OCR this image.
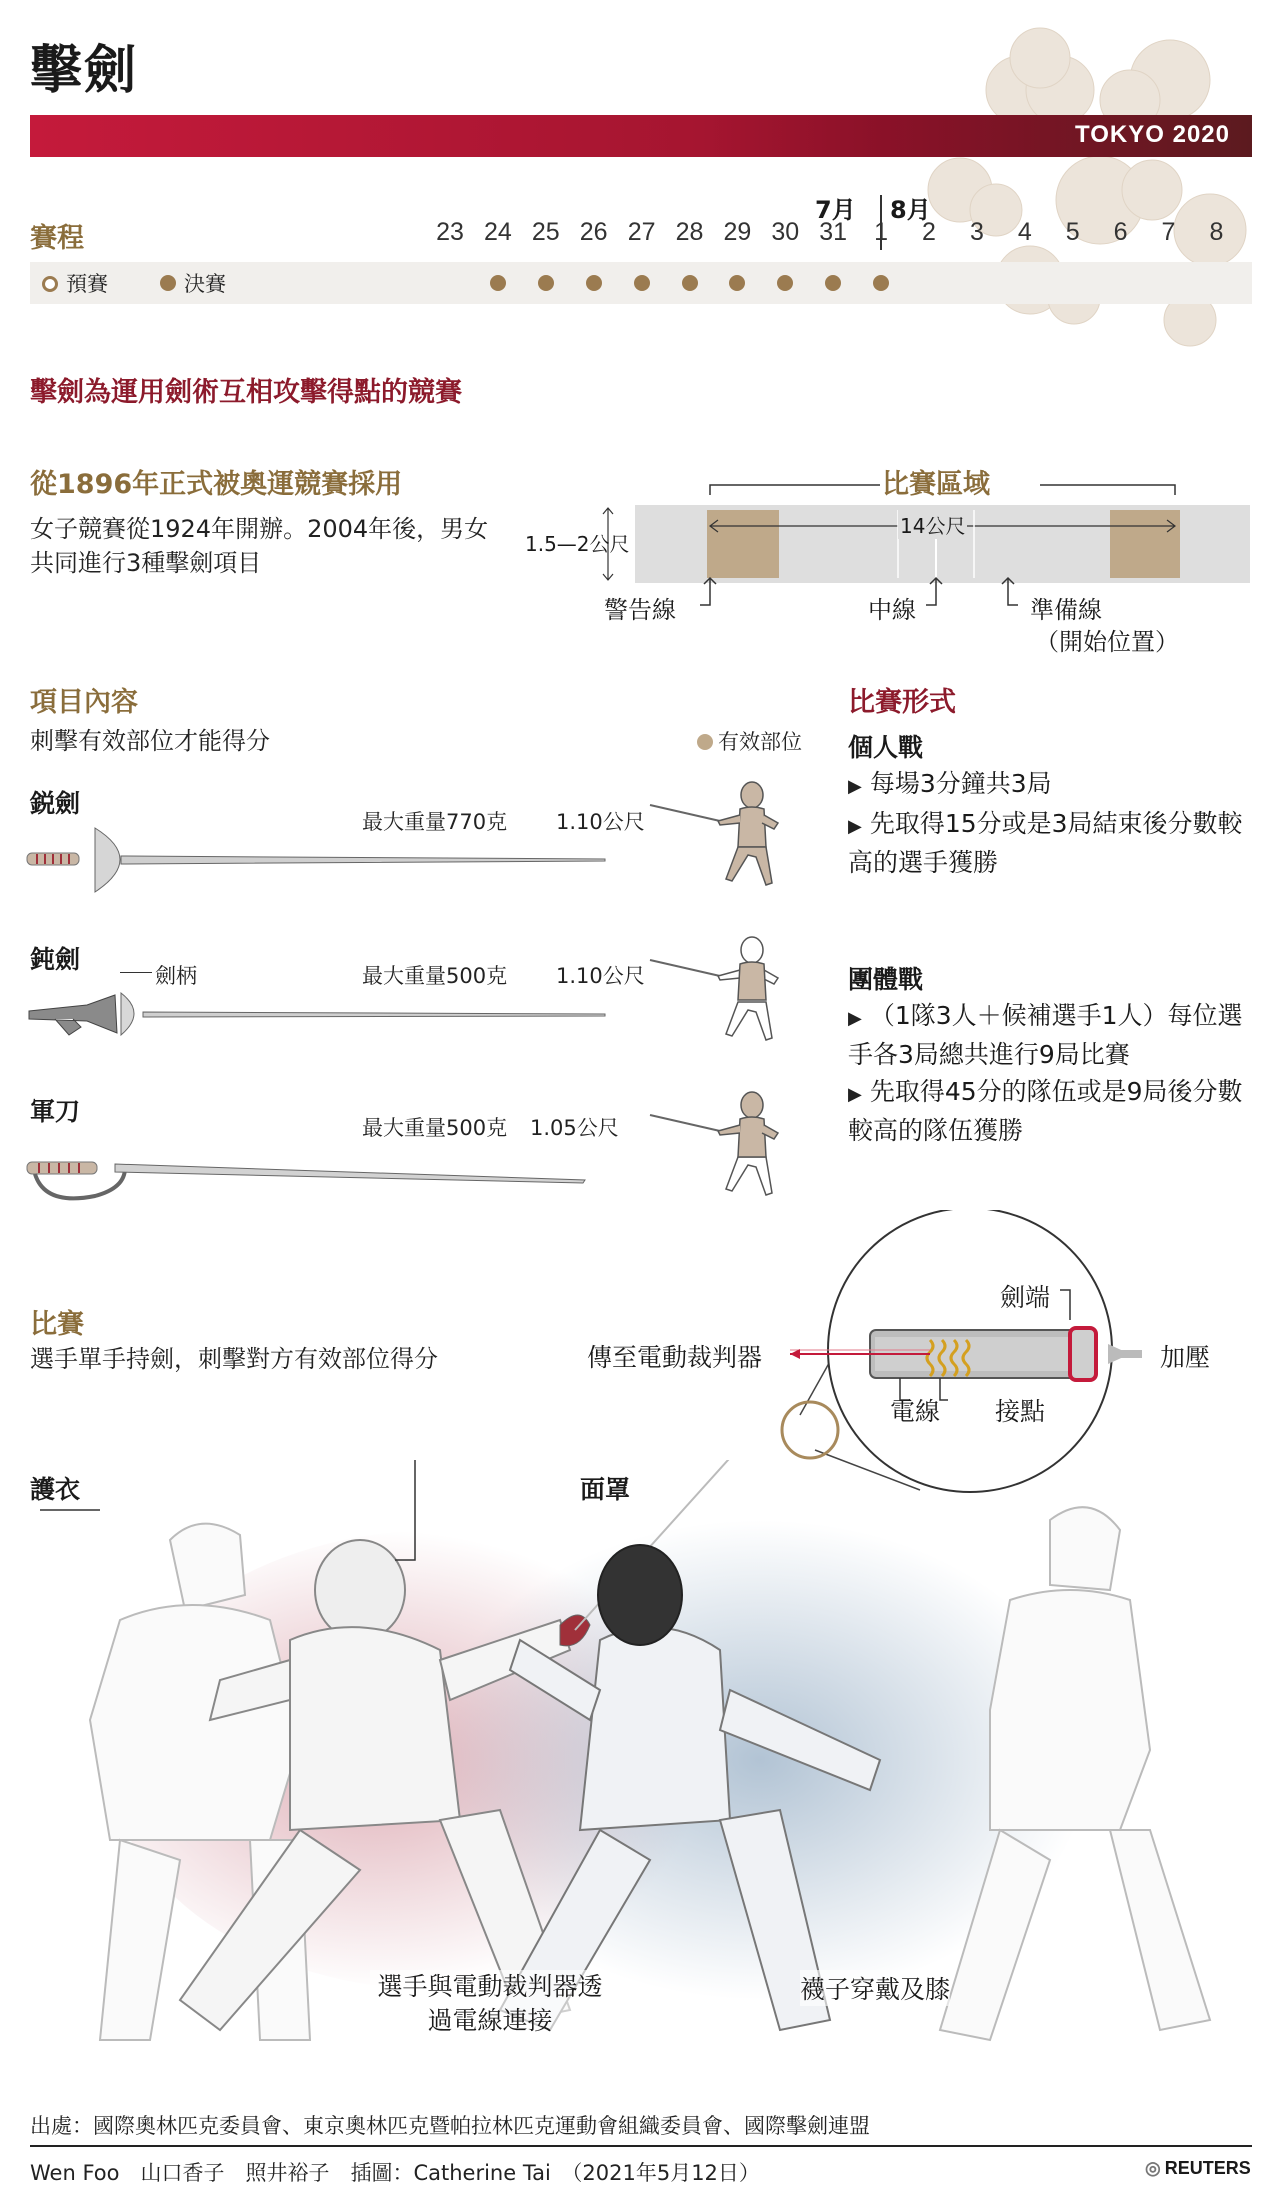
擊劍
TOKYO 2020
賽程
7月 8月
23 24 25 26 27 28 29 30 31	1	2	3	4	5	6	7	8
預賽	決賽
擊劍為運用劍術互相攻擊得點的競賽
從1896年正式被奧運競賽採用
女子競賽從1924年開辦。2004年後，男女共同進行3種擊劍項目
比賽區域
14公尺
1.5—2公尺
警告線	中線	準備線
（開始位置）
項目內容
刺擊有效部位才能得分	有效部位
鋭劍
最大重量770克 1.10公尺
鈍劍
劍柄	最大重量500克 1.10公尺
軍刀
最大重量500克 1.05公尺
比賽形式
個人戰
▶ 每場3分鐘共3局
▶ 先取得15分或是3局結束後分數較高的選手獲勝
團體戰
▶ （1隊3人＋候補選手1人）每位選手各3局總共進行9局比賽
▶ 先取得45分的隊伍或是9局後分數較高的隊伍獲勝
比賽
選手單手持劍，刺擊對方有效部位得分
劍端
加壓
傳至電動裁判器
電線 接點
護衣	面罩
選手與電動裁判器透過電線連接
襪子穿戴及膝
出處：國際奧林匹克委員會、東京奧林匹克暨帕拉林匹克運動會組織委員會、國際擊劍連盟
Wen Foo　山口香子　照井裕子　插圖：Catherine Tai　（2021年5月12日）	◎ REUTERS
